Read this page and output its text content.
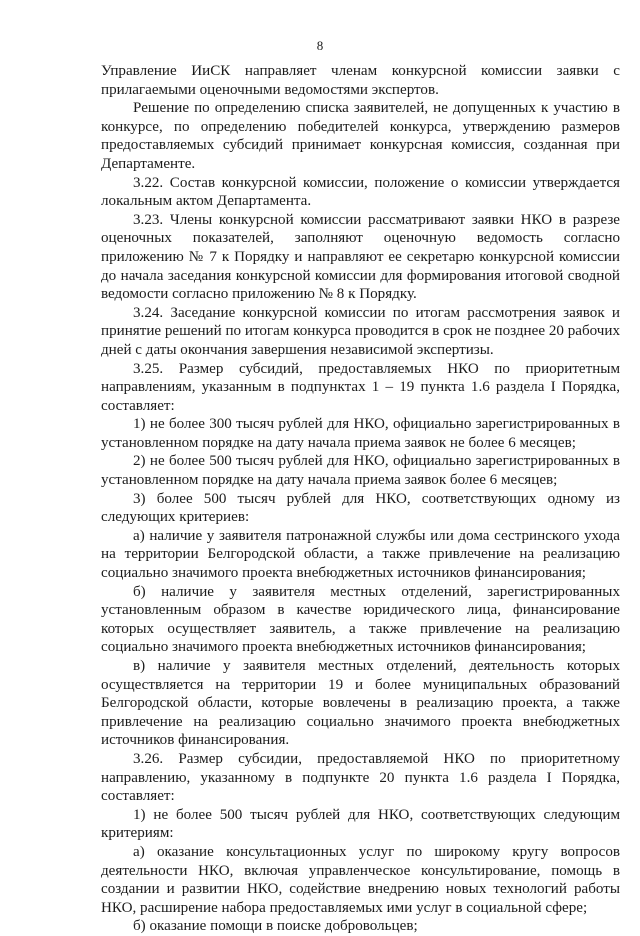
8

Управление ИиСК направляет членам конкурсной комиссии заявки с прилагаемыми оценочными ведомостями экспертов.

Решение по определению списка заявителей, не допущенных к участию в конкурсе, по определению победителей конкурса, утверждению размеров предоставляемых субсидий принимает конкурсная комиссия, созданная при Департаменте.

3.22. Состав конкурсной комиссии, положение о комиссии утверждается локальным актом Департамента.

3.23. Члены конкурсной комиссии рассматривают заявки НКО в разрезе оценочных показателей, заполняют оценочную ведомость согласно приложению № 7 к Порядку и направляют ее секретарю конкурсной комиссии до начала заседания конкурсной комиссии для формирования итоговой сводной ведомости согласно приложению № 8 к Порядку.

3.24. Заседание конкурсной комиссии по итогам рассмотрения заявок и принятие решений по итогам конкурса проводится в срок не позднее 20 рабочих дней с даты окончания завершения независимой экспертизы.

3.25. Размер субсидий, предоставляемых НКО по приоритетным направлениям, указанным в подпунктах 1 – 19 пункта 1.6 раздела I Порядка, составляет:

1) не более 300 тысяч рублей для НКО, официально зарегистрированных в установленном порядке на дату начала приема заявок не более 6 месяцев;

2) не более 500 тысяч рублей для НКО, официально зарегистрированных в установленном порядке на дату начала приема заявок более 6 месяцев;

3) более 500 тысяч рублей для НКО, соответствующих одному из следующих критериев:

а) наличие у заявителя патронажной службы или дома сестринского ухода на территории Белгородской области, а также привлечение на реализацию социально значимого проекта внебюджетных источников финансирования;

б) наличие у заявителя местных отделений, зарегистрированных установленным образом в качестве юридического лица, финансирование которых осуществляет заявитель, а также привлечение на реализацию социально значимого проекта внебюджетных источников финансирования;

в) наличие у заявителя местных отделений, деятельность которых осуществляется на территории 19 и более муниципальных образований Белгородской области, которые вовлечены в реализацию проекта, а также привлечение на реализацию социально значимого проекта внебюджетных источников финансирования.

3.26. Размер субсидии, предоставляемой НКО по приоритетному направлению, указанному в подпункте 20 пункта 1.6 раздела I Порядка, составляет:

1) не более 500 тысяч рублей для НКО, соответствующих следующим критериям:

а) оказание консультационных услуг по широкому кругу вопросов деятельности НКО, включая управленческое консультирование, помощь в создании и развитии НКО, содействие внедрению новых технологий работы НКО, расширение набора предоставляемых ими услуг в социальной сфере;

б) оказание помощи в поиске добровольцев;
